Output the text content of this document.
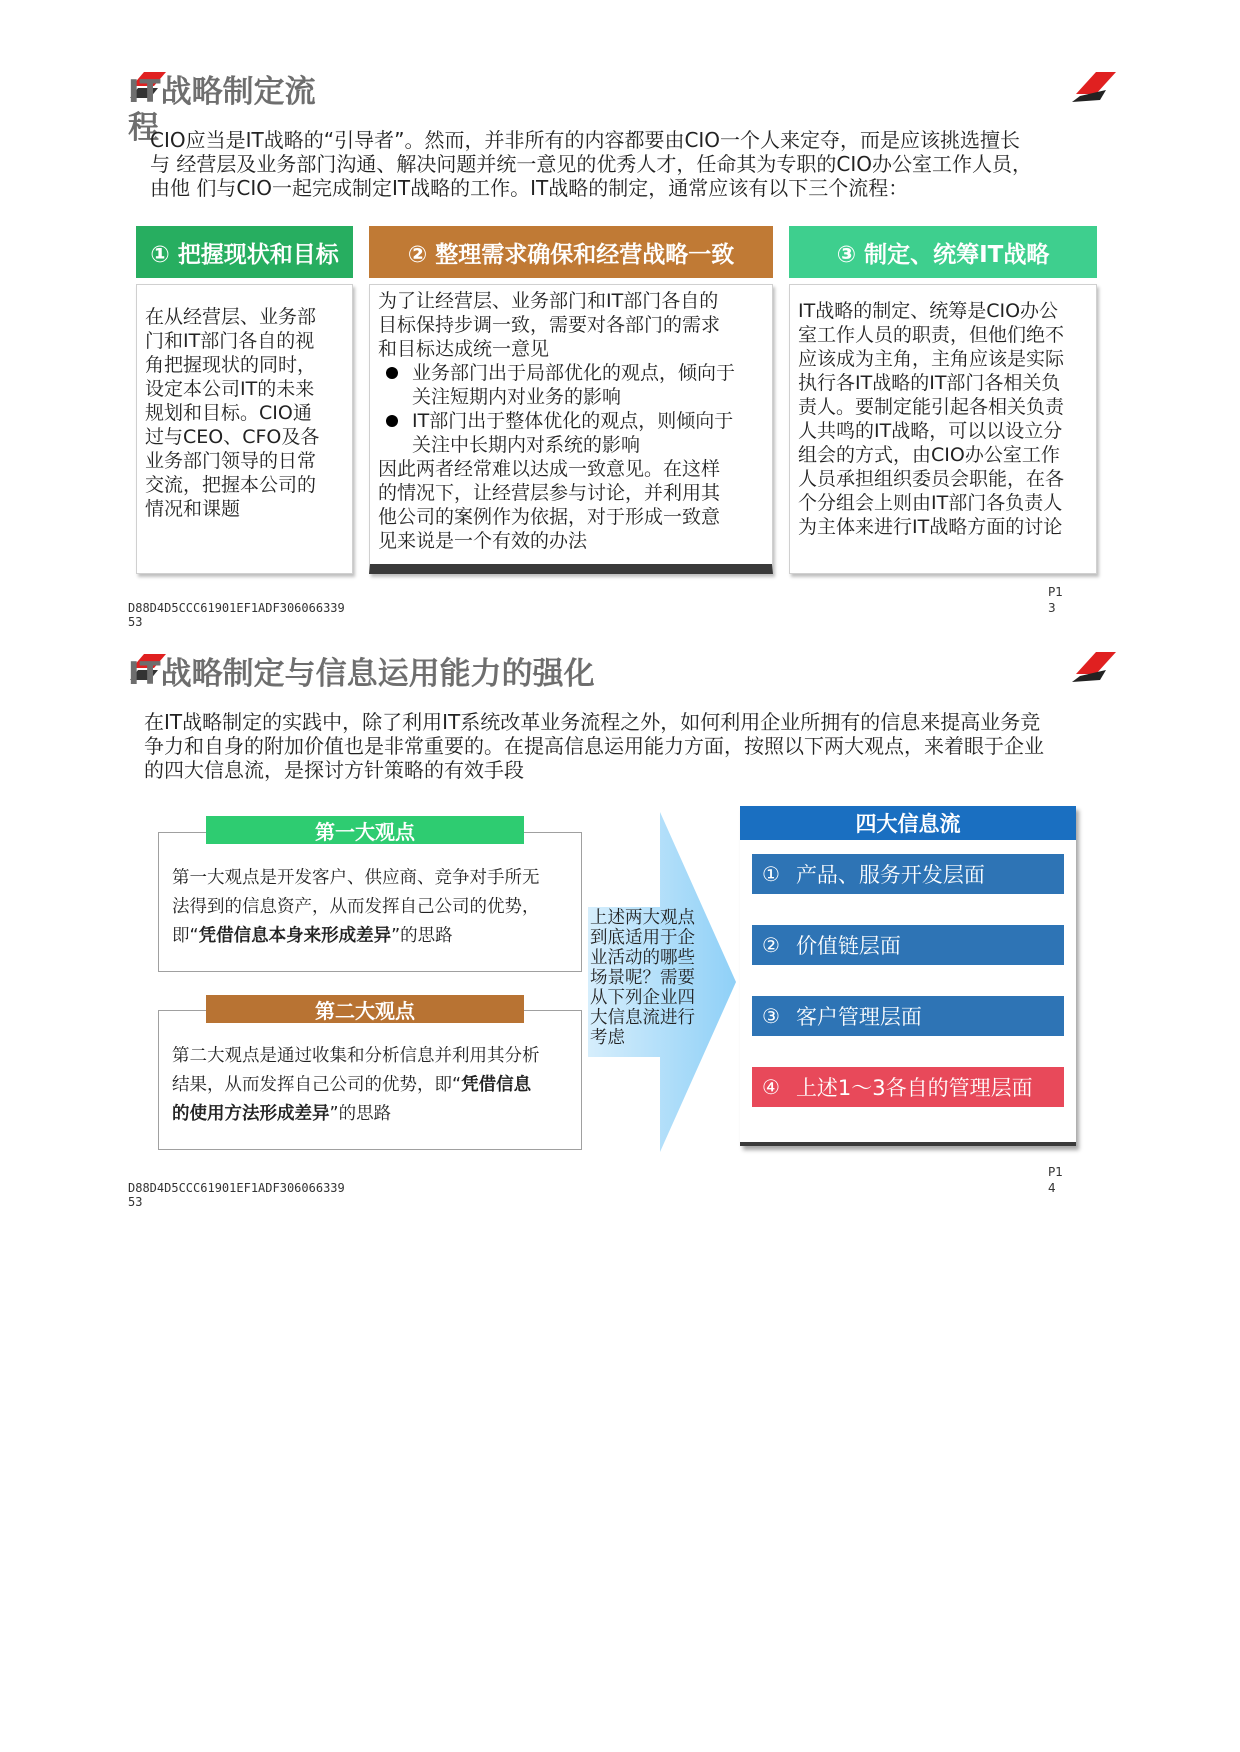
IT战略制定流程
CIO应当是IT战略的“引导者”。然而，并非所有的内容都要由CIO一个人来定夺，而是应该挑选擅长
与 经营层及业务部门沟通、解决问题并统一意见的优秀人才，任命其为专职的CIO办公室工作人员，
由他 们与CIO一起完成制定IT战略的工作。IT战略的制定，通常应该有以下三个流程：
① 把握现状和目标
在从经营层、业务部
门和IT部门各自的视
角把握现状的同时，
设定本公司IT的未来
规划和目标。CIO通
过与CEO、CFO及各
业务部门领导的日常
交流，把握本公司的
情况和课题
② 整理需求确保和经营战略一致
为了让经营层、业务部门和IT部门各自的
目标保持步调一致，需要对各部门的需求
和目标达成统一意见
业务部门出于局部优化的观点，倾向于
关注短期内对业务的影响
IT部门出于整体优化的观点，则倾向于
关注中长期内对系统的影响
因此两者经常难以达成一致意见。在这样
的情况下，让经营层参与讨论，并利用其
他公司的案例作为依据，对于形成一致意
见来说是一个有效的办法
③ 制定、统筹IT战略
IT战略的制定、统筹是CIO办公
室工作人员的职责，但他们绝不
应该成为主角，主角应该是实际
执行各IT战略的IT部门各相关负
责人。要制定能引起各相关负责
人共鸣的IT战略，可以以设立分
组会的方式，由CIO办公室工作
人员承担组织委员会职能，在各
个分组会上则由IT部门各负责人
为主体来进行IT战略方面的讨论
D88D4D5CCC61901EF1ADF306066339
53
P1
3
IT战略制定与信息运用能力的强化
在IT战略制定的实践中，除了利用IT系统改革业务流程之外，如何利用企业所拥有的信息来提高业务竞
争力和自身的附加价值也是非常重要的。在提高信息运用能力方面，按照以下两大观点，来着眼于企业
的四大信息流，是探讨方针策略的有效手段
第一大观点
第一大观点是开发客户、供应商、竞争对手所无
法得到的信息资产，从而发挥自己公司的优势，
即“凭借信息本身来形成差异”的思路
第二大观点
第二大观点是通过收集和分析信息并利用其分析
结果，从而发挥自己公司的优势，即“凭借信息
的使用方法形成差异”的思路
上述两大观点
到底适用于企
业活动的哪些
场景呢？需要
从下列企业四
大信息流进行
考虑
四大信息流
① 产品、服务开发层面
② 价值链层面
③ 客户管理层面
④ 上述1～3各自的管理层面
D88D4D5CCC61901EF1ADF306066339
53
P1
4
